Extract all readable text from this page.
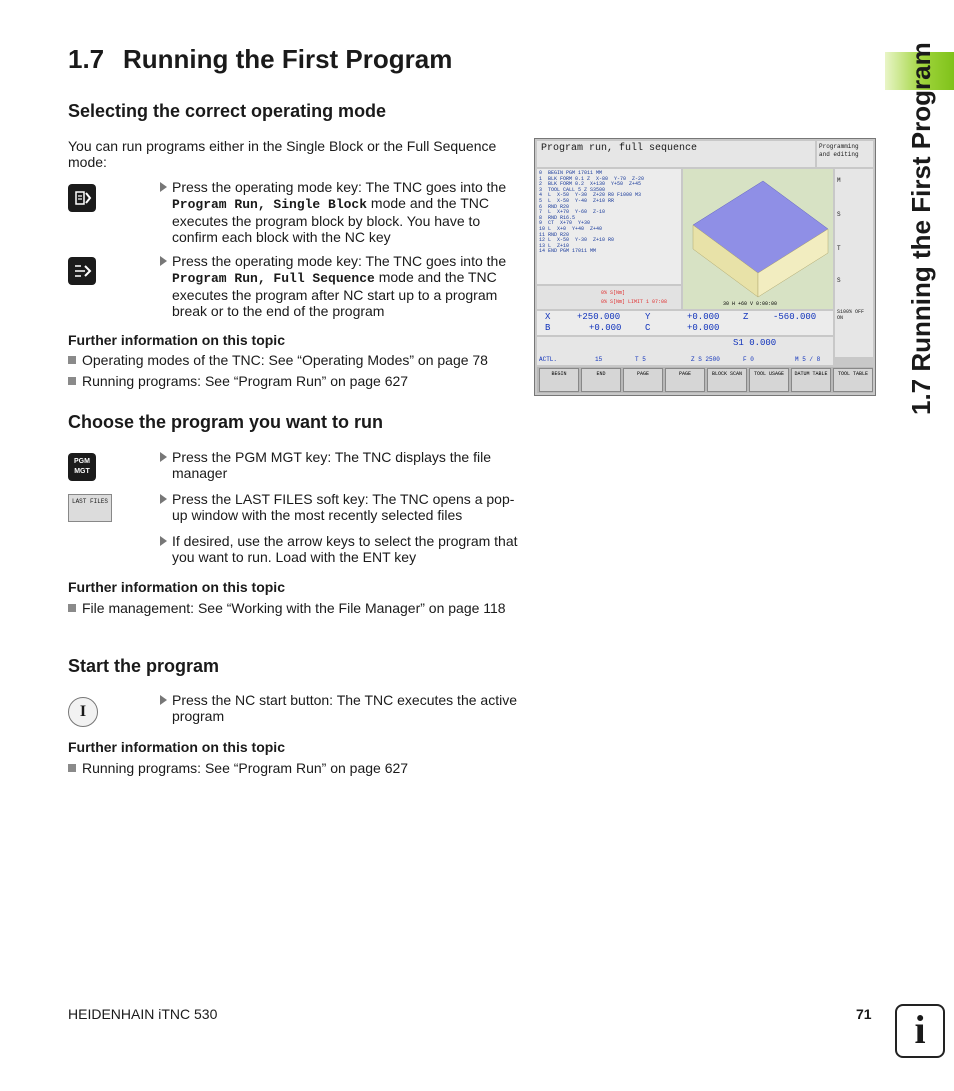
1.7 Running the First Program	1.7 Running the First Program
Selecting the correct operating mode
You can run programs either in the Single Block or the Full Sequence mode:
Press the operating mode key: The TNC goes into the Program Run, Single Block mode and the TNC executes the program block by block. You have to confirm each block with the NC key
Press the operating mode key: The TNC goes into the Program Run, Full Sequence mode and the TNC executes the program after NC start up to a program break or to the end of the program
Further information on this topic
Operating modes of the TNC: See “Operating Modes” on page 78
Running programs: See “Program Run” on page 627
Choose the program you want to run
PGM MGT
Press the PGM MGT key: The TNC displays the file manager
LAST FILES	Press the LAST FILES soft key: The TNC opens a pop-up window with the most recently selected files
If desired, use the arrow keys to select the program that you want to run. Load with the ENT key
Further information on this topic
File management: See “Working with the File Manager” on page 118
Start the program
I
Press the NC start button: The TNC executes the active program
Further information on this topic
Running programs: See “Program Run” on page 627
Program run, full sequence	Programming and editing
0  BEGIN PGM 17011 MM
1  BLK FORM 0.1 Z  X-80  Y-70  Z-20
2  BLK FORM 0.2  X+130  Y+50  Z+45
3  TOOL CALL 5 Z S3500
4  L  X-50  Y-30  Z+20 R0 F1000 M3
5  L  X-50  Y-40  Z+10 RR
6  RND R20
7  L  X+70  Y-60  Z-10
8  RND R16.5
9  CT  X+70  Y+30
10 L  X+0  Y+40  Z+40
11 RND R20
12 L  X-50  Y-30  Z+10 R0
13 L  Z+10
14 END PGM 17011 MM
30 H +60 V 0:00:00
0% S[Nm]
0% S[Nm] LIMIT 1 07:08
X	+250.000	Y	+0.000	Z	-560.000
B	+0.000	C	+0.000
S1 0.000
ACTL.	15	T 5	Z S 2500	F 0	M 5 / 8
M
S
T
S
S100% OFF ON
BEGIN	END	PAGE	PAGE	BLOCK SCAN	TOOL USAGE	DATUM TABLE	TOOL TABLE
HEIDENHAIN iTNC 530	71	i
